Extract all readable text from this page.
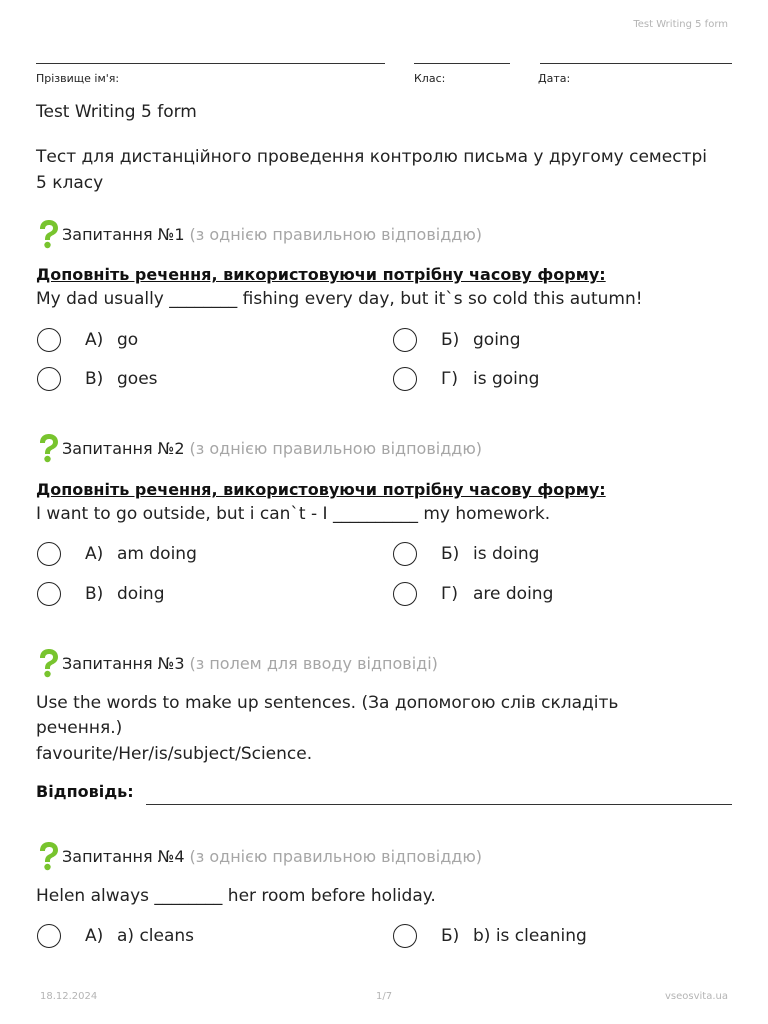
Test Writing 5 form
Прізвище ім'я:	Клас:	Дата:
Test Writing 5 form
Тест для дистанційного проведення контролю письма у другому семестрі 5 класу
Запитання №1 (з однією правильною відповіддю)
Доповніть речення, використовуючи потрібну часову форму:
My dad usually ________ fishing every day, but it`s so cold this autumn!
А) go	Б) going
В) goes	Г) is going
Запитання №2 (з однією правильною відповіддю)
Доповніть речення, використовуючи потрібну часову форму:
I want to go outside, but i can`t - I __________ my homework.
А) am doing	Б) is doing
В) doing	Г) are doing
Запитання №3 (з полем для вводу відповіді)
Use the words to make up sentences. (За допомогою слів складіть речення.)
favourite/Her/is/subject/Science.
Відповідь:
Запитання №4 (з однією правильною відповіддю)
Helen always ________ her room before holiday.
А) a) cleans	Б) b) is cleaning
18.12.2024	1/7	vseosvita.ua
